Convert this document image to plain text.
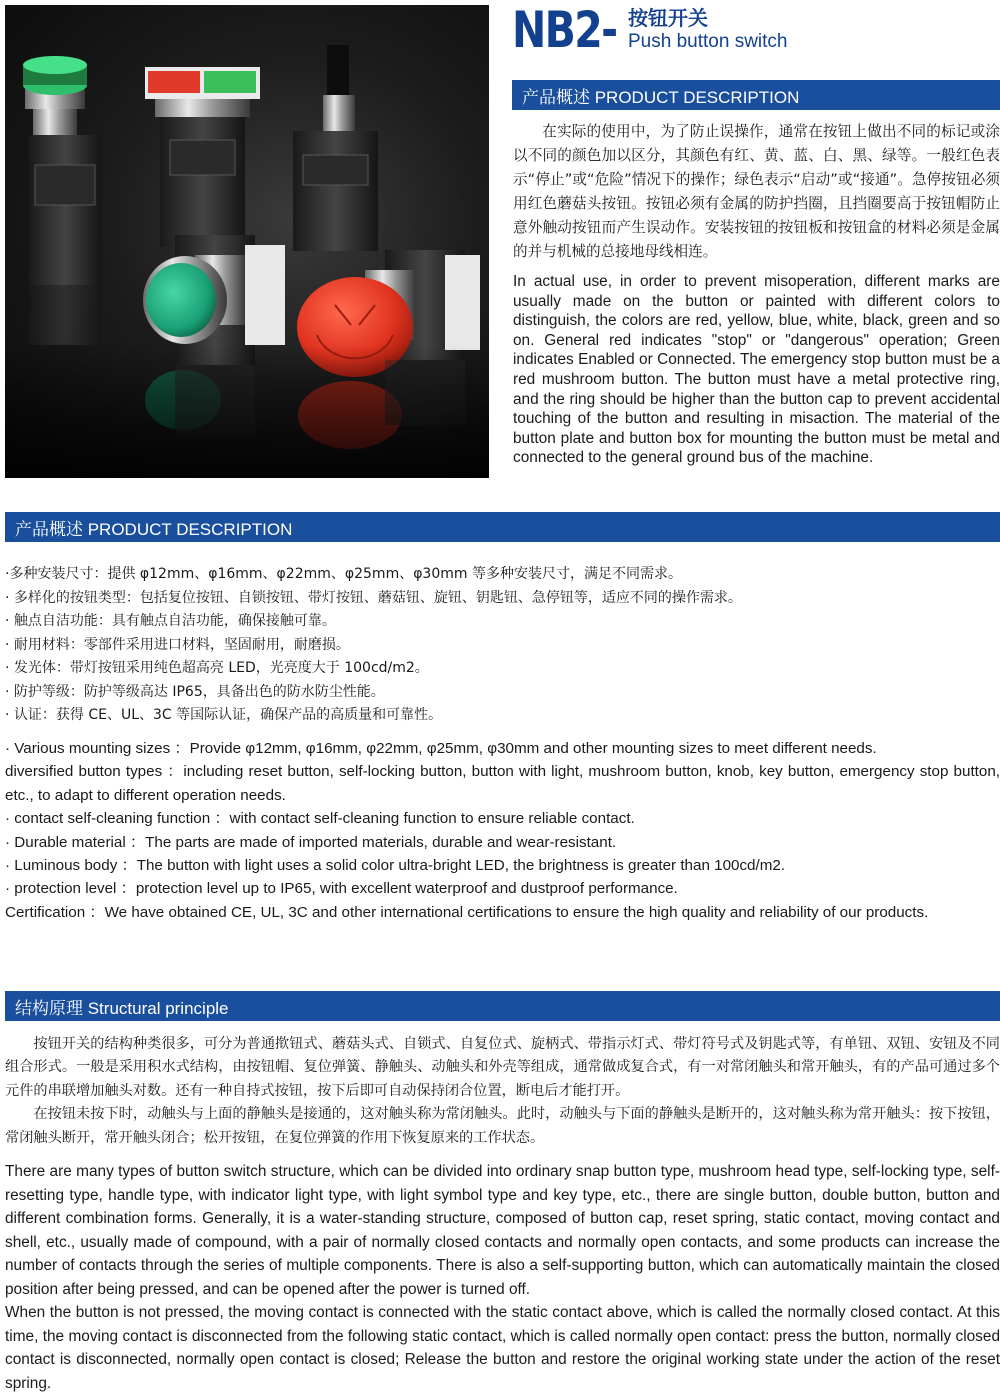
NB2- 按钮开关
Push button switch
产品概述 PRODUCT DESCRIPTION
在实际的使用中，为了防止误操作，通常在按钮上做出不同的标记或涂以不同的颜色加以区分，其颜色有红、黄、蓝、白、黑、绿等。一般红色表示“停止”或“危险”情况下的操作；绿色表示“启动”或“接通”。急停按钮必须用红色蘑菇头按钮。按钮必须有金属的防护挡圈，且挡圈要高于按钮帽防止意外触动按钮而产生误动作。安装按钮的按钮板和按钮盒的材料必须是金属的并与机械的总接地母线相连。
In actual use, in order to prevent misoperation, different marks are usually made on the button or painted with different colors to distinguish, the colors are red, yellow, blue, white, black, green and so on. General red indicates "stop" or "dangerous" operation; Green indicates Enabled or Connected. The emergency stop button must be a red mushroom button. The button must have a metal protective ring, and the ring should be higher than the button cap to prevent accidental touching of the button and resulting in misaction. The material of the button plate and button box for mounting the button must be metal and connected to the general ground bus of the machine.
产品概述 PRODUCT DESCRIPTION
·多种安装尺寸：提供 φ12mm、φ16mm、φ22mm、φ25mm、φ30mm 等多种安装尺寸，满足不同需求。
· 多样化的按钮类型：包括复位按钮、自锁按钮、带灯按钮、蘑菇钮、旋钮、钥匙钮、急停钮等，适应不同的操作需求。
· 触点自洁功能：具有触点自洁功能，确保接触可靠。
· 耐用材料：零部件采用进口材料，坚固耐用，耐磨损。
· 发光体：带灯按钮采用纯色超高亮 LED，光亮度大于 100cd/m2。
· 防护等级：防护等级高达 IP65，具备出色的防水防尘性能。
· 认证：获得 CE、UL、3C 等国际认证，确保产品的高质量和可靠性。
· Various mounting sizes ：Provide φ12mm, φ16mm, φ22mm, φ25mm, φ30mm and other mounting sizes to meet different needs.
diversified button types ：including reset button, self-locking button, button with light, mushroom button, knob, key button, emergency stop button, etc., to adapt to different operation needs.
· contact self-cleaning function ：with contact self-cleaning function to ensure reliable contact.
· Durable material ：The parts are made of imported materials, durable and wear-resistant.
· Luminous body ：The button with light uses a solid color ultra-bright LED, the brightness is greater than 100cd/m2.
· protection level ：protection level up to IP65, with excellent waterproof and dustproof performance.
Certification ：We have obtained CE, UL, 3C and other international certifications to ensure the high quality and reliability of our products.
结构原理 Structural principle

按钮开关的结构种类很多，可分为普通揿钮式、蘑菇头式、自锁式、自复位式、旋柄式、带指示灯式、带灯符号式及钥匙式等，有单钮、双钮、安钮及不同组合形式。一般是采用积水式结构，由按钮帽、复位弹簧、静触头、动触头和外壳等组成，通常做成复合式，有一对常闭触头和常开触头，有的产品可通过多个元件的串联增加触头对数。还有一种自持式按钮，按下后即可自动保持闭合位置，断电后才能打开。

在按钮未按下时，动触头与上面的静触头是接通的，这对触头称为常闭触头。此时，动触头与下面的静触头是断开的，这对触头称为常开触头：按下按钮，常闭触头断开，常开触头闭合；松开按钮，在复位弹簧的作用下恢复原来的工作状态。

There are many types of button switch structure, which can be divided into ordinary snap button type, mushroom head type, self-locking type, self-resetting type, handle type, with indicator light type, with light symbol type and key type, etc., there are single button, double button, button and different combination forms. Generally, it is a water-standing structure, composed of button cap, reset spring, static contact, moving contact and shell, etc., usually made of compound, with a pair of normally closed contacts and normally open contacts, and some products can increase the number of contacts through the series of multiple components. There is also a self-supporting button, which can automatically maintain the closed position after being pressed, and can be opened after the power is turned off.

When the button is not pressed, the moving contact is connected with the static contact above, which is called the normally closed contact. At this time, the moving contact is disconnected from the following static contact, which is called normally open contact: press the button, normally closed contact is disconnected, normally open contact is closed; Release the button and restore the original working state under the action of the reset spring.
